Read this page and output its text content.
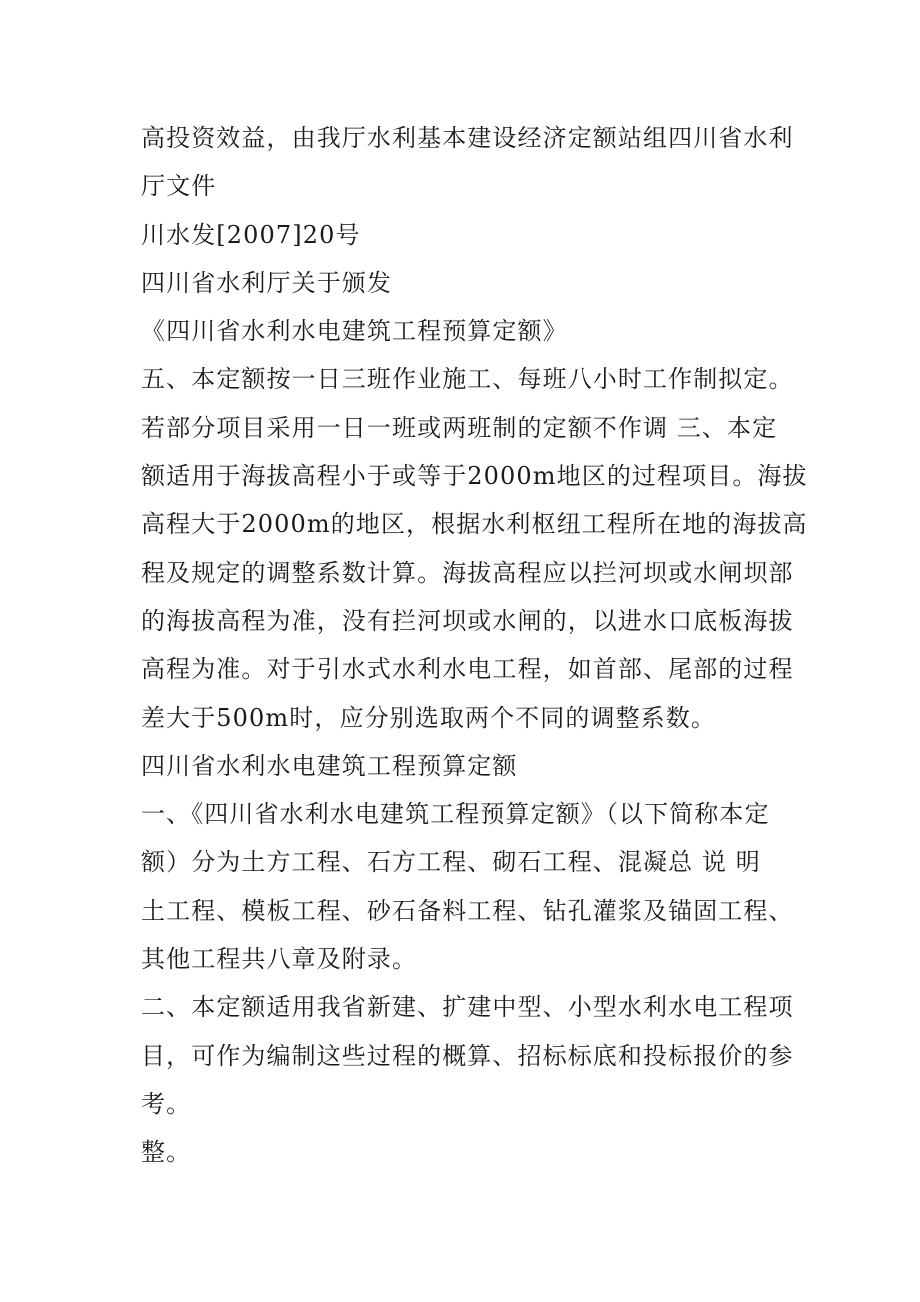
高投资效益，由我厅水利基本建设经济定额站组四川省水利
厅文件
川水发[2007]20号
四川省水利厅关于颁发
《四川省水利水电建筑工程预算定额》
五、本定额按一日三班作业施工、每班八小时工作制拟定。
若部分项目采用一日一班或两班制的定额不作调 三、本定
额适用于海拔高程小于或等于2000m地区的过程项目。海拔
高程大于2000m的地区，根据水利枢纽工程所在地的海拔高
程及规定的调整系数计算。海拔高程应以拦河坝或水闸坝部
的海拔高程为准，没有拦河坝或水闸的，以进水口底板海拔
高程为准。对于引水式水利水电工程，如首部、尾部的过程
差大于500m时，应分别选取两个不同的调整系数。
四川省水利水电建筑工程预算定额
一、《四川省水利水电建筑工程预算定额》（以下简称本定
额）分为土方工程、石方工程、砌石工程、混凝总 说 明
土工程、模板工程、砂石备料工程、钻孔灌浆及锚固工程、
其他工程共八章及附录。
二、本定额适用我省新建、扩建中型、小型水利水电工程项
目，可作为编制这些过程的概算、招标标底和投标报价的参
考。
整。
